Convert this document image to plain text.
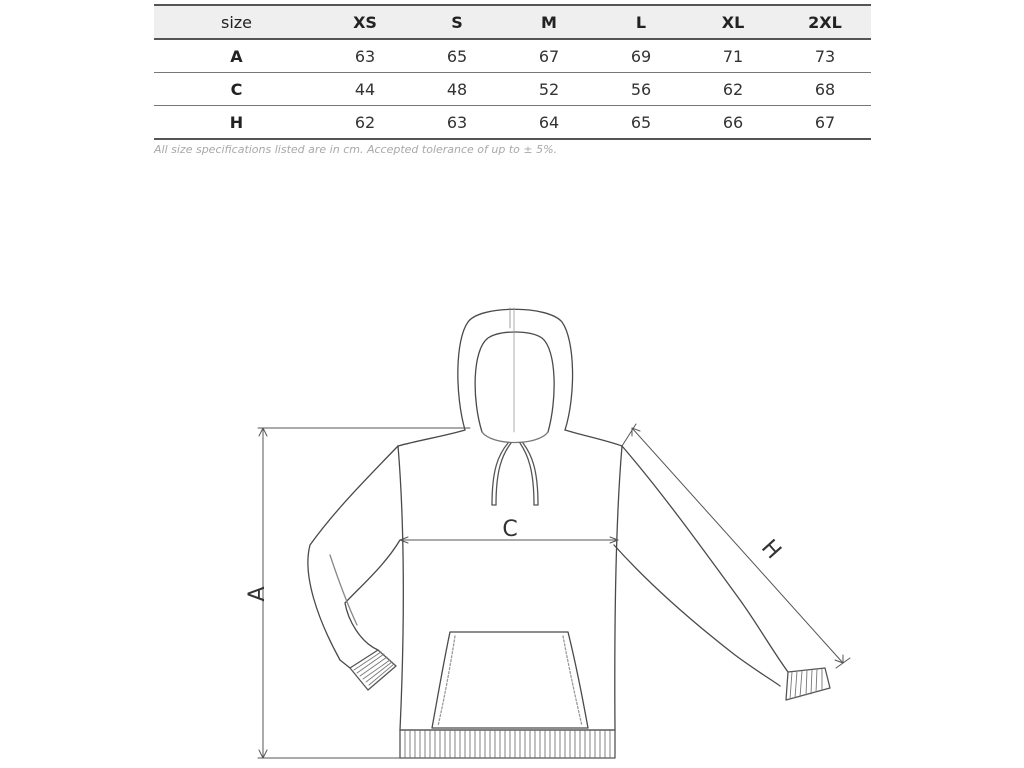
size	XS	S	M	L	XL	2XL
A	63	65	67	69	71	73
C	44	48	52	56	62	68
H	62	63	64	65	66	67
All size specifications listed are in cm. Accepted tolerance of up to ± 5%.
A
C
H
